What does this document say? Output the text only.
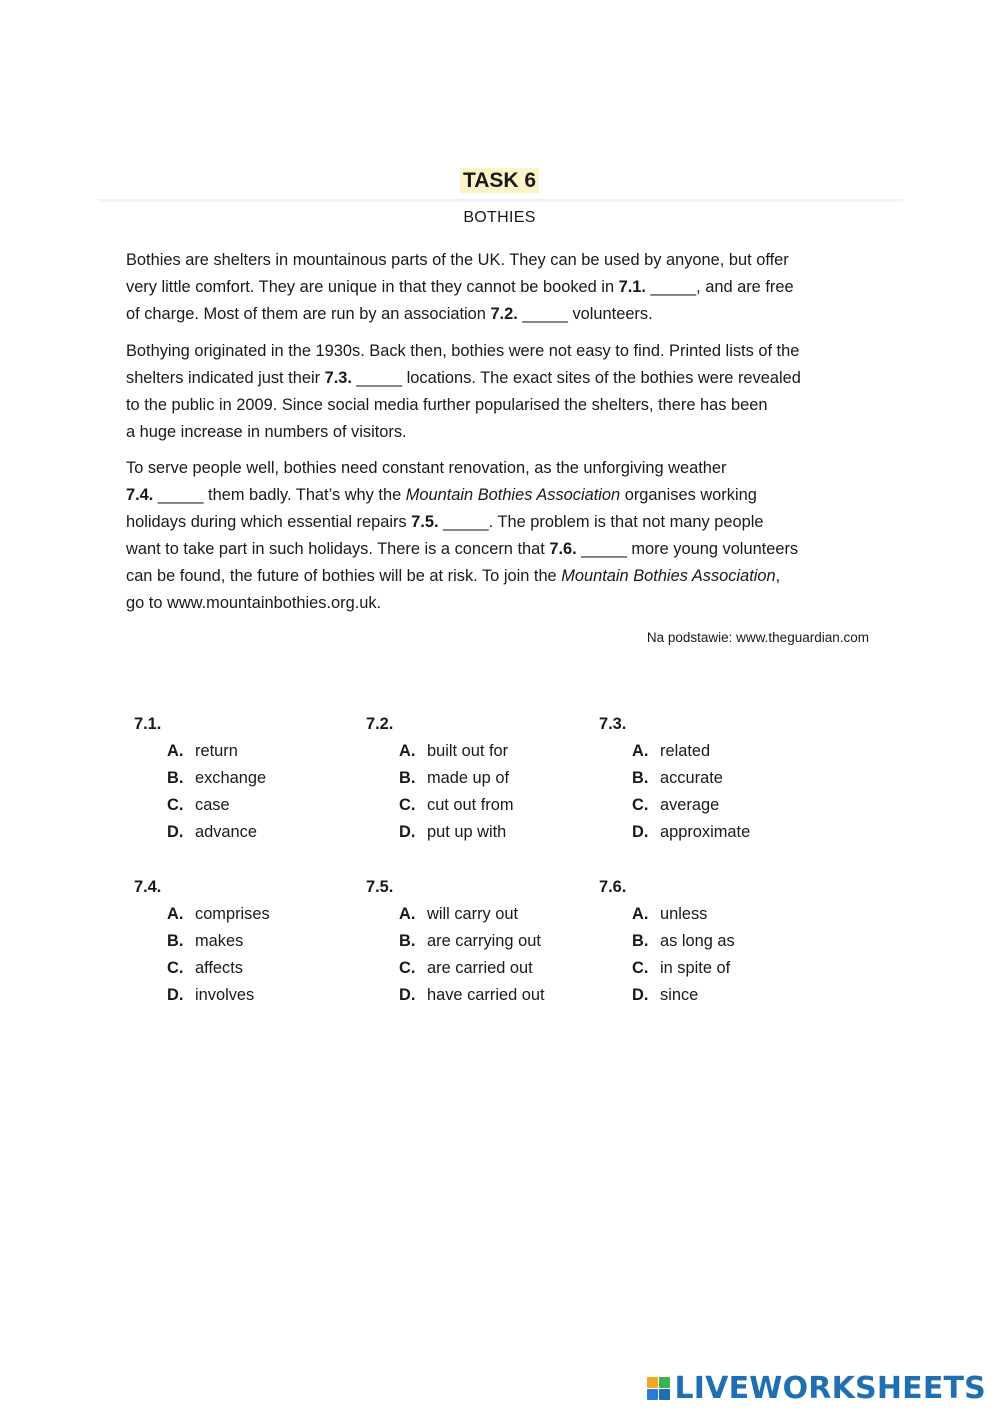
TASK 6
BOTHIES
Bothies are shelters in mountainous parts of the UK. They can be used by anyone, but offer
very little comfort. They are unique in that they cannot be booked in 7.1. _____, and are free
of charge. Most of them are run by an association 7.2. _____ volunteers.
Bothying originated in the 1930s. Back then, bothies were not easy to find. Printed lists of the
shelters indicated just their 7.3. _____ locations. The exact sites of the bothies were revealed
to the public in 2009. Since social media further popularised the shelters, there has been
a huge increase in numbers of visitors.
To serve people well, bothies need constant renovation, as the unforgiving weather
7.4. _____ them badly. That’s why the Mountain Bothies Association organises working
holidays during which essential repairs 7.5. _____. The problem is that not many people
want to take part in such holidays. There is a concern that 7.6. _____ more young volunteers
can be found, the future of bothies will be at risk. To join the Mountain Bothies Association,
go to www.mountainbothies.org.uk.
Na podstawie: www.theguardian.com
7.1.
A. return
B. exchange
C. case
D. advance
7.2.
A. built out for
B. made up of
C. cut out from
D. put up with
7.3.
A. related
B. accurate
C. average
D. approximate
7.4.
A. comprises
B. makes
C. affects
D. involves
7.5.
A. will carry out
B. are carrying out
C. are carried out
D. have carried out
7.6.
A. unless
B. as long as
C. in spite of
D. since
LIVEWORKSHEETS
